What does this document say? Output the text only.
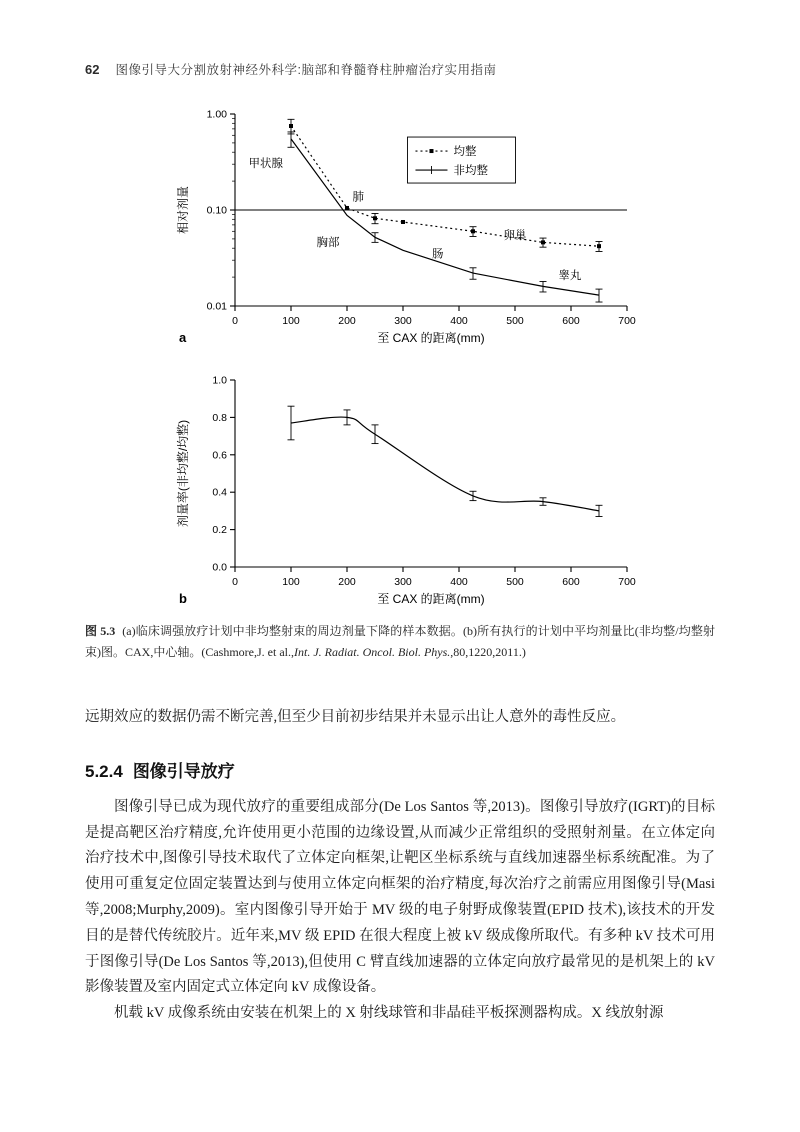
62 图像引导大分割放射神经外科学:脑部和脊髓脊柱肿瘤治疗实用指南
0	100	200	300	400	500	600	700
1.00
0.10
0.01
甲状腺
肺
胸部
肠
卵巢
睾丸
均整
非均整
至 CAX 的距离(mm)
相对剂量
a
0	100	200	300	400	500	600	700
0.0
0.2
0.4
0.6
0.8
1.0
至 CAX 的距离(mm)
剂量率(非均整/均整)
b

图 5.3 (a)临床调强放疗计划中非均整射束的周边剂量下降的样本数据。(b)所有执行的计划中平均剂量比(非均整/均整射束)图。CAX,中心轴。(Cashmore,J. et al.,Int. J. Radiat. Oncol. Biol. Phys.,80,1220,2011.)

远期效应的数据仍需不断完善,但至少目前初步结果并未显示出让人意外的毒性反应。

5.2.4 图像引导放疗

图像引导已成为现代放疗的重要组成部分(De Los Santos 等,2013)。图像引导放疗(IGRT)的目标是提高靶区治疗精度,允许使用更小范围的边缘设置,从而减少正常组织的受照射剂量。在立体定向治疗技术中,图像引导技术取代了立体定向框架,让靶区坐标系统与直线加速器坐标系统配准。为了使用可重复定位固定装置达到与使用立体定向框架的治疗精度,每次治疗之前需应用图像引导(Masi 等,2008;Murphy,2009)。室内图像引导开始于 MV 级的电子射野成像装置(EPID 技术),该技术的开发目的是替代传统胶片。近年来,MV 级 EPID 在很大程度上被 kV 级成像所取代。有多种 kV 技术可用于图像引导(De Los Santos 等,2013),但使用 C 臂直线加速器的立体定向放疗最常见的是机架上的 kV 影像装置及室内固定式立体定向 kV 成像设备。

机载 kV 成像系统由安装在机架上的 X 射线球管和非晶硅平板探测器构成。X 线放射源
